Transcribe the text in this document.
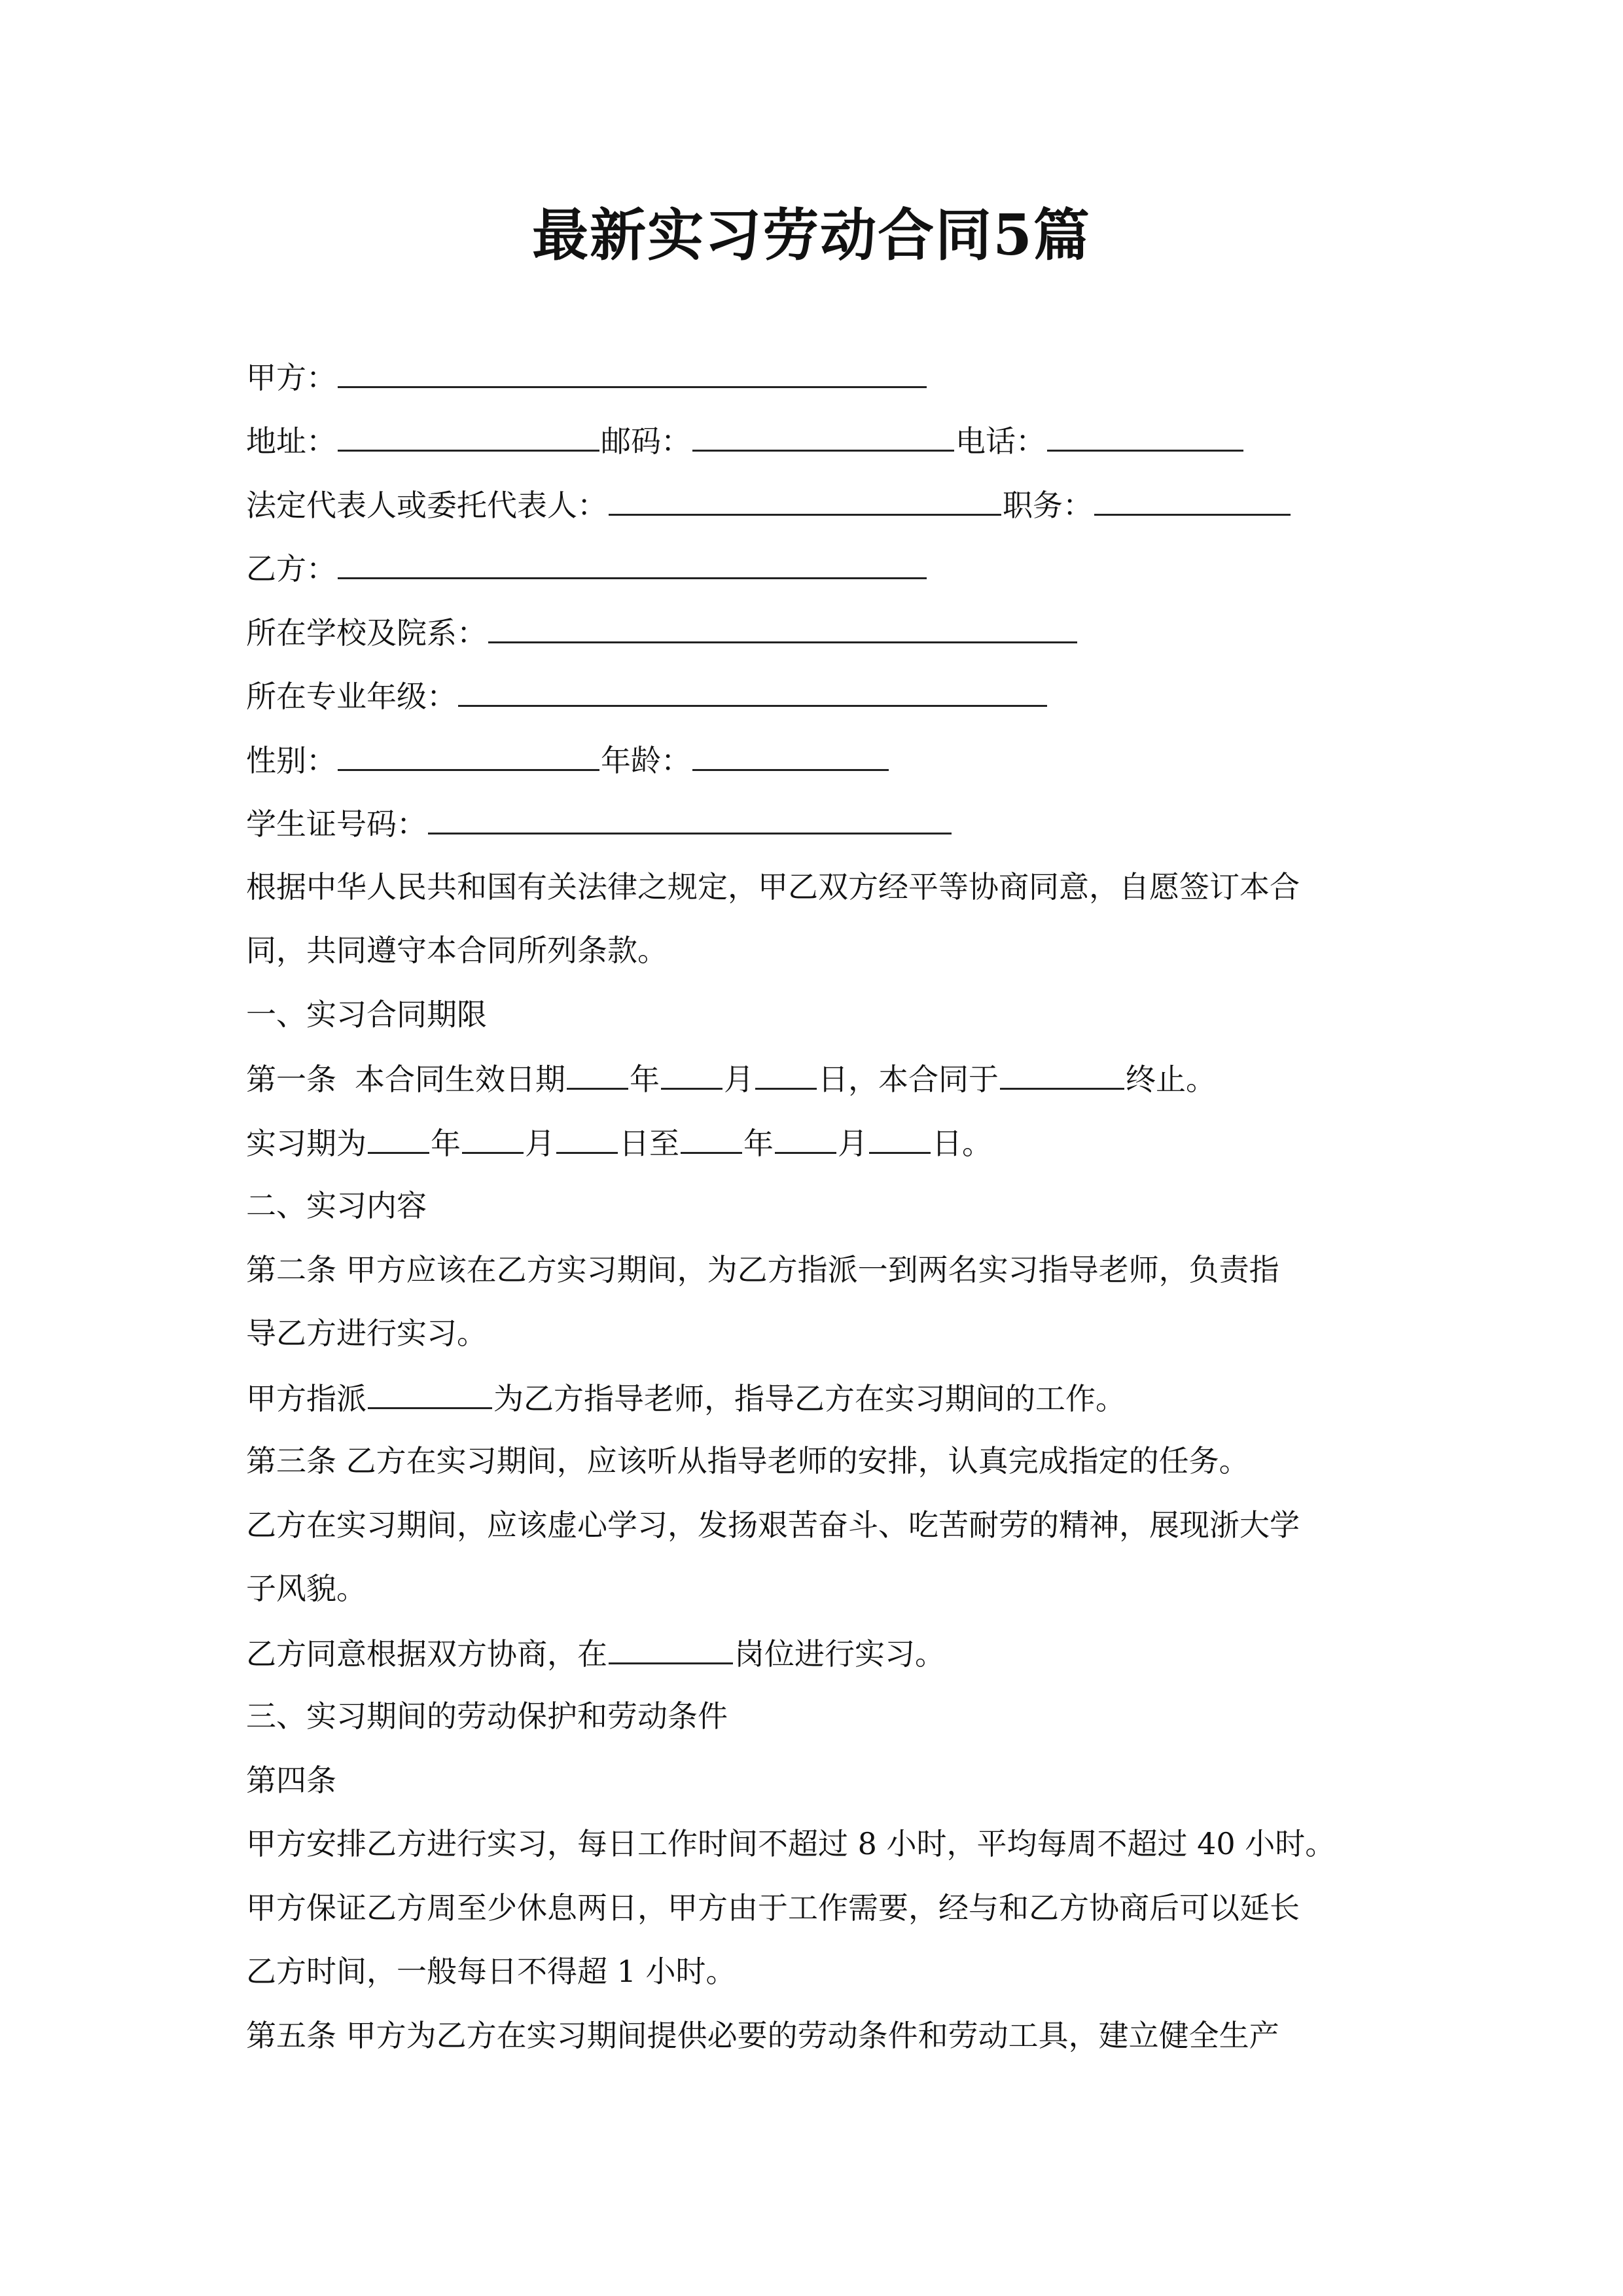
最新实习劳动合同5篇
甲方：
地址：	邮码：	电话：
法定代表人或委托代表人：	职务：
乙方：
所在学校及院系：
所在专业年级：
性别：	年龄：
学生证号码：
根据中华人民共和国有关法律之规定，甲乙双方经平等协商同意，自愿签订本合
同，共同遵守本合同所列条款。
一、实习合同期限
第一条 本合同生效日期 年 月 日，本合同于	终止。
实习期为 年 月 日至 年 月 日。
二、实习内容
第二条 甲方应该在乙方实习期间，为乙方指派一到两名实习指导老师，负责指
导乙方进行实习。
甲方指派	为乙方指导老师，指导乙方在实习期间的工作。
第三条 乙方在实习期间，应该听从指导老师的安排，认真完成指定的任务。
乙方在实习期间，应该虚心学习，发扬艰苦奋斗、吃苦耐劳的精神，展现浙大学
子风貌。
乙方同意根据双方协商，在	岗位进行实习。
三、实习期间的劳动保护和劳动条件
第四条
甲方安排乙方进行实习，每日工作时间不超过 8 小时，平均每周不超过 40 小时。
甲方保证乙方周至少休息两日，甲方由于工作需要，经与和乙方协商后可以延长
乙方时间，一般每日不得超 1 小时。
第五条 甲方为乙方在实习期间提供必要的劳动条件和劳动工具，建立健全生产
